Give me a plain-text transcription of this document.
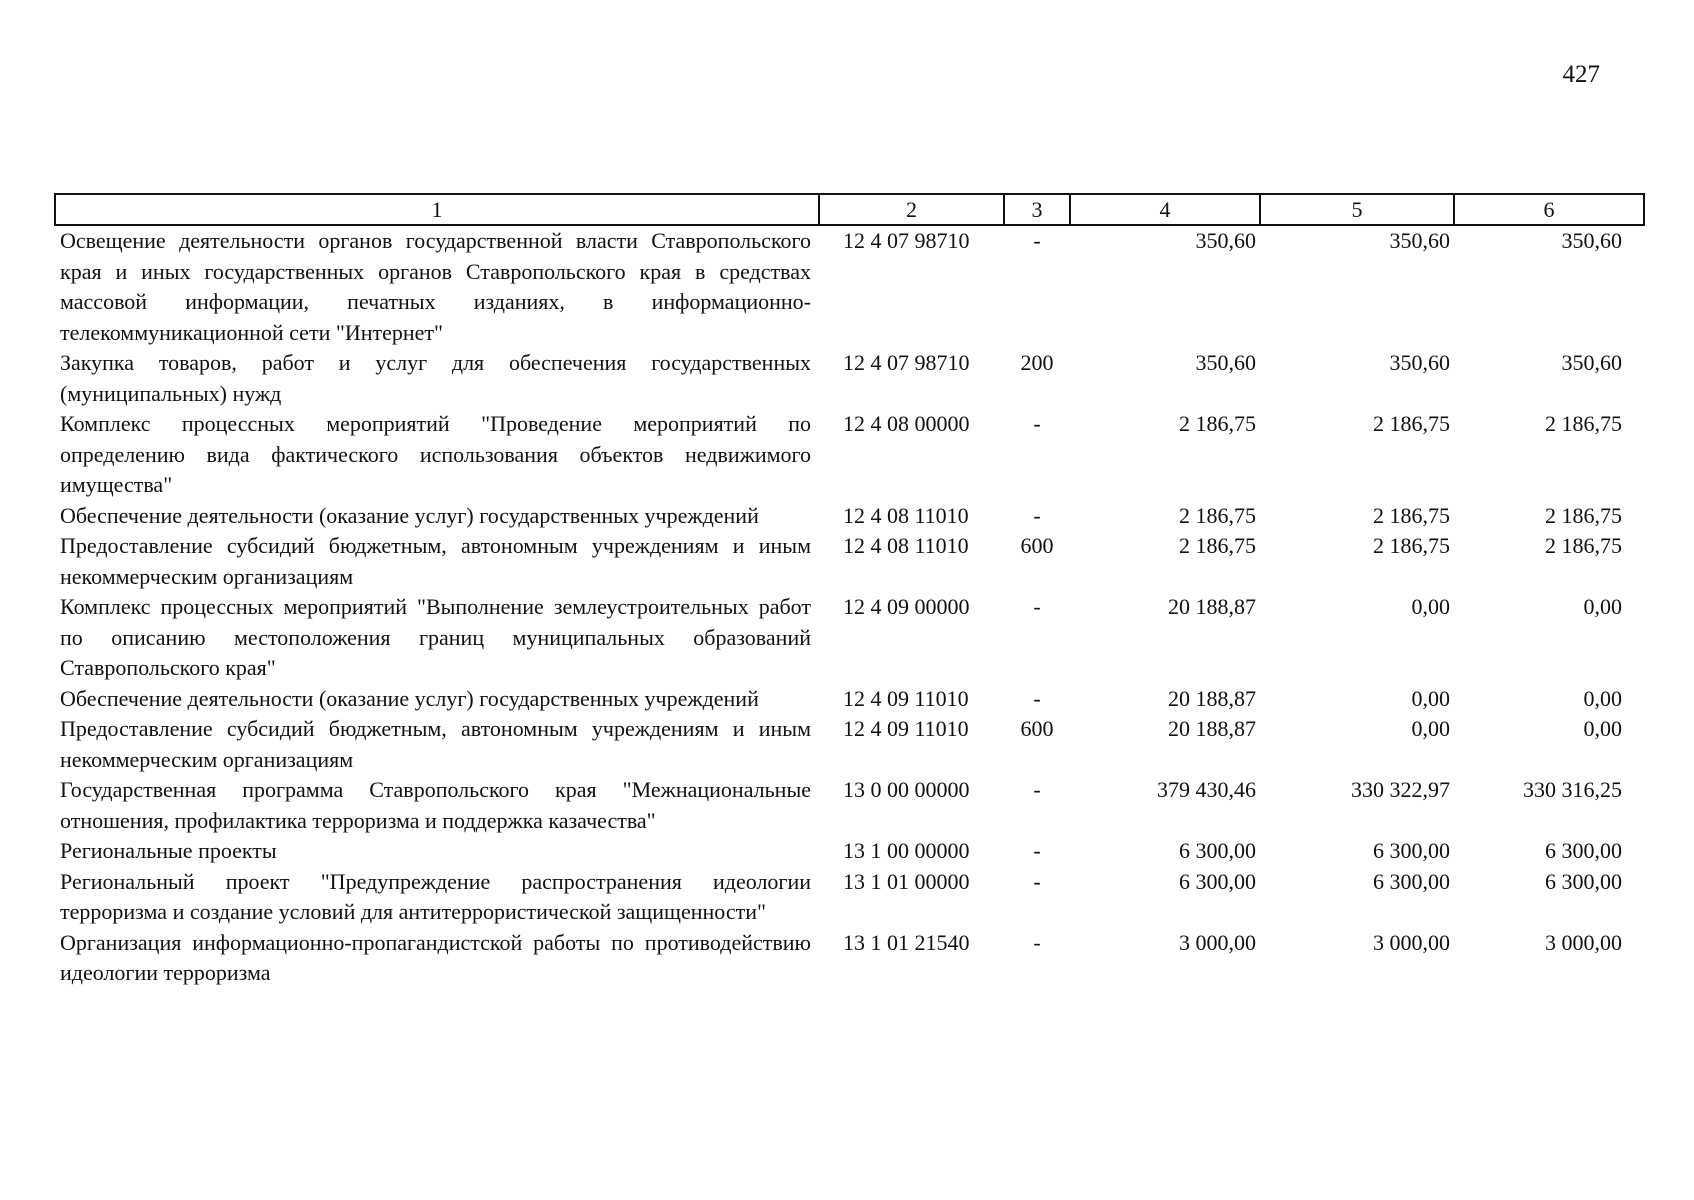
427
1	2	3	4	5	6
Освещение деятельности органов государственной власти Ставропольского края и иных государственных органов Ставропольского края в средствах массовой информации, печатных изданиях, в информационно-телекоммуникационной сети "Интернет"	12 4 07 98710	-	350,60	350,60	350,60
Закупка товаров, работ и услуг для обеспечения государственных (муниципальных) нужд	12 4 07 98710	200	350,60	350,60	350,60
Комплекс процессных мероприятий "Проведение мероприятий по определению вида фактического использования объектов недвижимого имущества"	12 4 08 00000	-	2 186,75	2 186,75	2 186,75
Обеспечение деятельности (оказание услуг) государственных учреждений	12 4 08 11010	-	2 186,75	2 186,75	2 186,75
Предоставление субсидий бюджетным, автономным учреждениям и иным некоммерческим организациям	12 4 08 11010	600	2 186,75	2 186,75	2 186,75
Комплекс процессных мероприятий "Выполнение землеустроительных работ по описанию местоположения границ муниципальных образований Ставропольского края"	12 4 09 00000	-	20 188,87	0,00	0,00
Обеспечение деятельности (оказание услуг) государственных учреждений	12 4 09 11010	-	20 188,87	0,00	0,00
Предоставление субсидий бюджетным, автономным учреждениям и иным некоммерческим организациям	12 4 09 11010	600	20 188,87	0,00	0,00
Государственная программа Ставропольского края "Межнациональные отношения, профилактика терроризма и поддержка казачества"	13 0 00 00000	-	379 430,46	330 322,97	330 316,25
Региональные проекты	13 1 00 00000	-	6 300,00	6 300,00	6 300,00
Региональный проект "Предупреждение распространения идеологии терроризма и создание условий для антитеррористической защищенности"	13 1 01 00000	-	6 300,00	6 300,00	6 300,00
Организация информационно-пропагандистской работы по противодействию идеологии терроризма	13 1 01 21540	-	3 000,00	3 000,00	3 000,00
